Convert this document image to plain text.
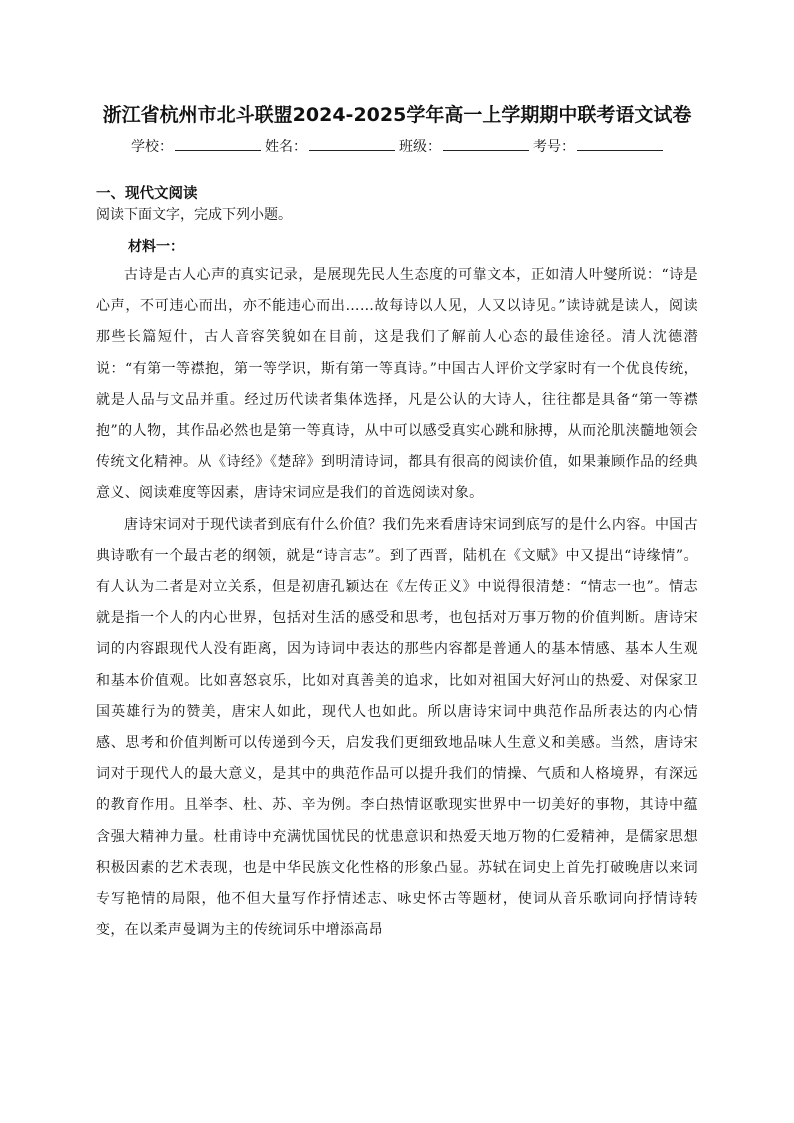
浙江省杭州市北斗联盟2024-2025学年高一上学期期中联考语文试卷
学校：	姓名：	班级：	考号：
一、现代文阅读
阅读下面文字，完成下列小题。
材料一：

古诗是古人心声的真实记录，是展现先民人生态度的可靠文本，正如清人叶燮所说：“诗是心声，不可违心而出，亦不能违心而出……故每诗以人见，人又以诗见。”读诗就是读人，阅读那些长篇短什，古人音容笑貌如在目前，这是我们了解前人心态的最佳途径。清人沈德潜说：“有第一等襟抱，第一等学识，斯有第一等真诗。”中国古人评价文学家时有一个优良传统，就是人品与文品并重。经过历代读者集体选择，凡是公认的大诗人，往往都是具备“第一等襟抱”的人物，其作品必然也是第一等真诗，从中可以感受真实心跳和脉搏，从而沦肌浃髓地领会传统文化精神。从《诗经》《楚辞》到明清诗词，都具有很高的阅读价值，如果兼顾作品的经典意义、阅读难度等因素，唐诗宋词应是我们的首选阅读对象。

唐诗宋词对于现代读者到底有什么价值？我们先来看唐诗宋词到底写的是什么内容。中国古典诗歌有一个最古老的纲领，就是“诗言志”。到了西晋，陆机在《文赋》中又提出“诗缘情”。有人认为二者是对立关系，但是初唐孔颖达在《左传正义》中说得很清楚：“情志一也”。情志就是指一个人的内心世界，包括对生活的感受和思考，也包括对万事万物的价值判断。唐诗宋词的内容跟现代人没有距离，因为诗词中表达的那些内容都是普通人的基本情感、基本人生观和基本价值观。比如喜怒哀乐，比如对真善美的追求，比如对祖国大好河山的热爱、对保家卫国英雄行为的赞美，唐宋人如此，现代人也如此。所以唐诗宋词中典范作品所表达的内心情感、思考和价值判断可以传递到今天，启发我们更细致地品味人生意义和美感。当然，唐诗宋词对于现代人的最大意义，是其中的典范作品可以提升我们的情操、气质和人格境界，有深远的教育作用。且举李、杜、苏、辛为例。李白热情讴歌现实世界中一切美好的事物，其诗中蕴含强大精神力量。杜甫诗中充满忧国忧民的忧患意识和热爱天地万物的仁爱精神，是儒家思想积极因素的艺术表现，也是中华民族文化性格的形象凸显。苏轼在词史上首先打破晚唐以来词专写艳情的局限，他不但大量写作抒情述志、咏史怀古等题材，使词从音乐歌词向抒情诗转变，在以柔声曼调为主的传统词乐中增添高昂
